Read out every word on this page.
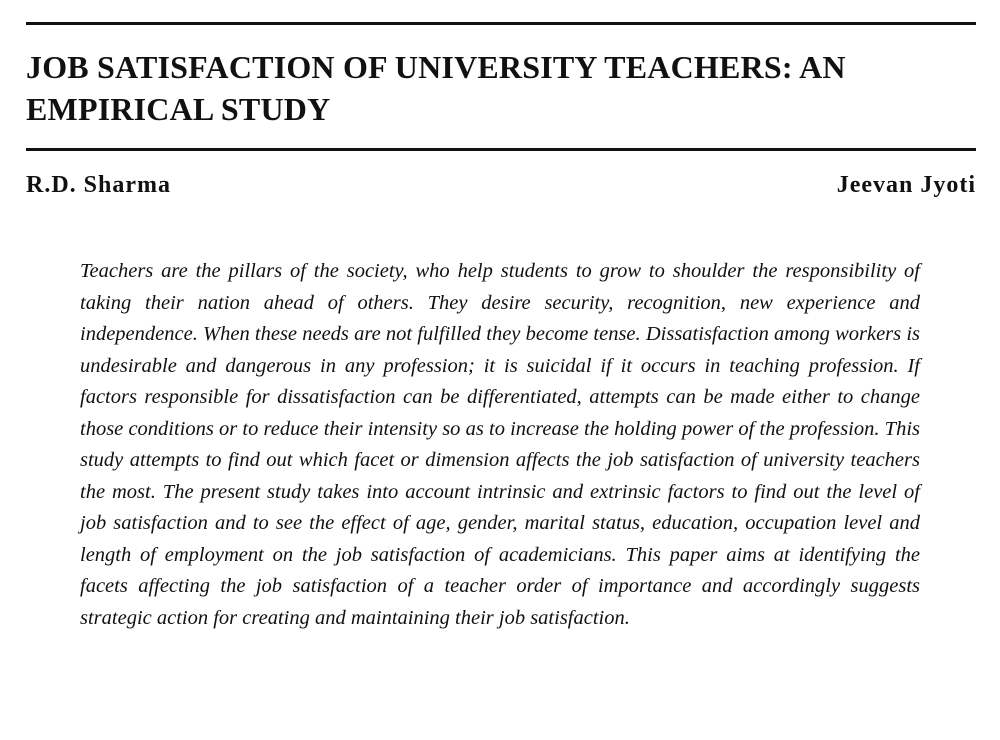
JOB SATISFACTION OF UNIVERSITY TEACHERS: AN EMPIRICAL STUDY
R.D. Sharma	Jeevan Jyoti

Teachers are the pillars of the society, who help students to grow to shoulder the responsibility of taking their nation ahead of others. They desire security, recognition, new experience and independence. When these needs are not fulfilled they become tense. Dissatisfaction among workers is undesirable and dangerous in any profession; it is suicidal if it occurs in teaching profession. If factors responsible for dissatisfaction can be differentiated, attempts can be made either to change those conditions or to reduce their intensity so as to increase the holding power of the profession. This study attempts to find out which facet or dimension affects the job satisfaction of university teachers the most. The present study takes into account intrinsic and extrinsic factors to find out the level of job satisfaction and to see the effect of age, gender, marital status, education, occupation level and length of employment on the job satisfaction of academicians. This paper aims at identifying the facets affecting the job satisfaction of a teacher order of importance and accordingly suggests strategic action for creating and maintaining their job satisfaction.
